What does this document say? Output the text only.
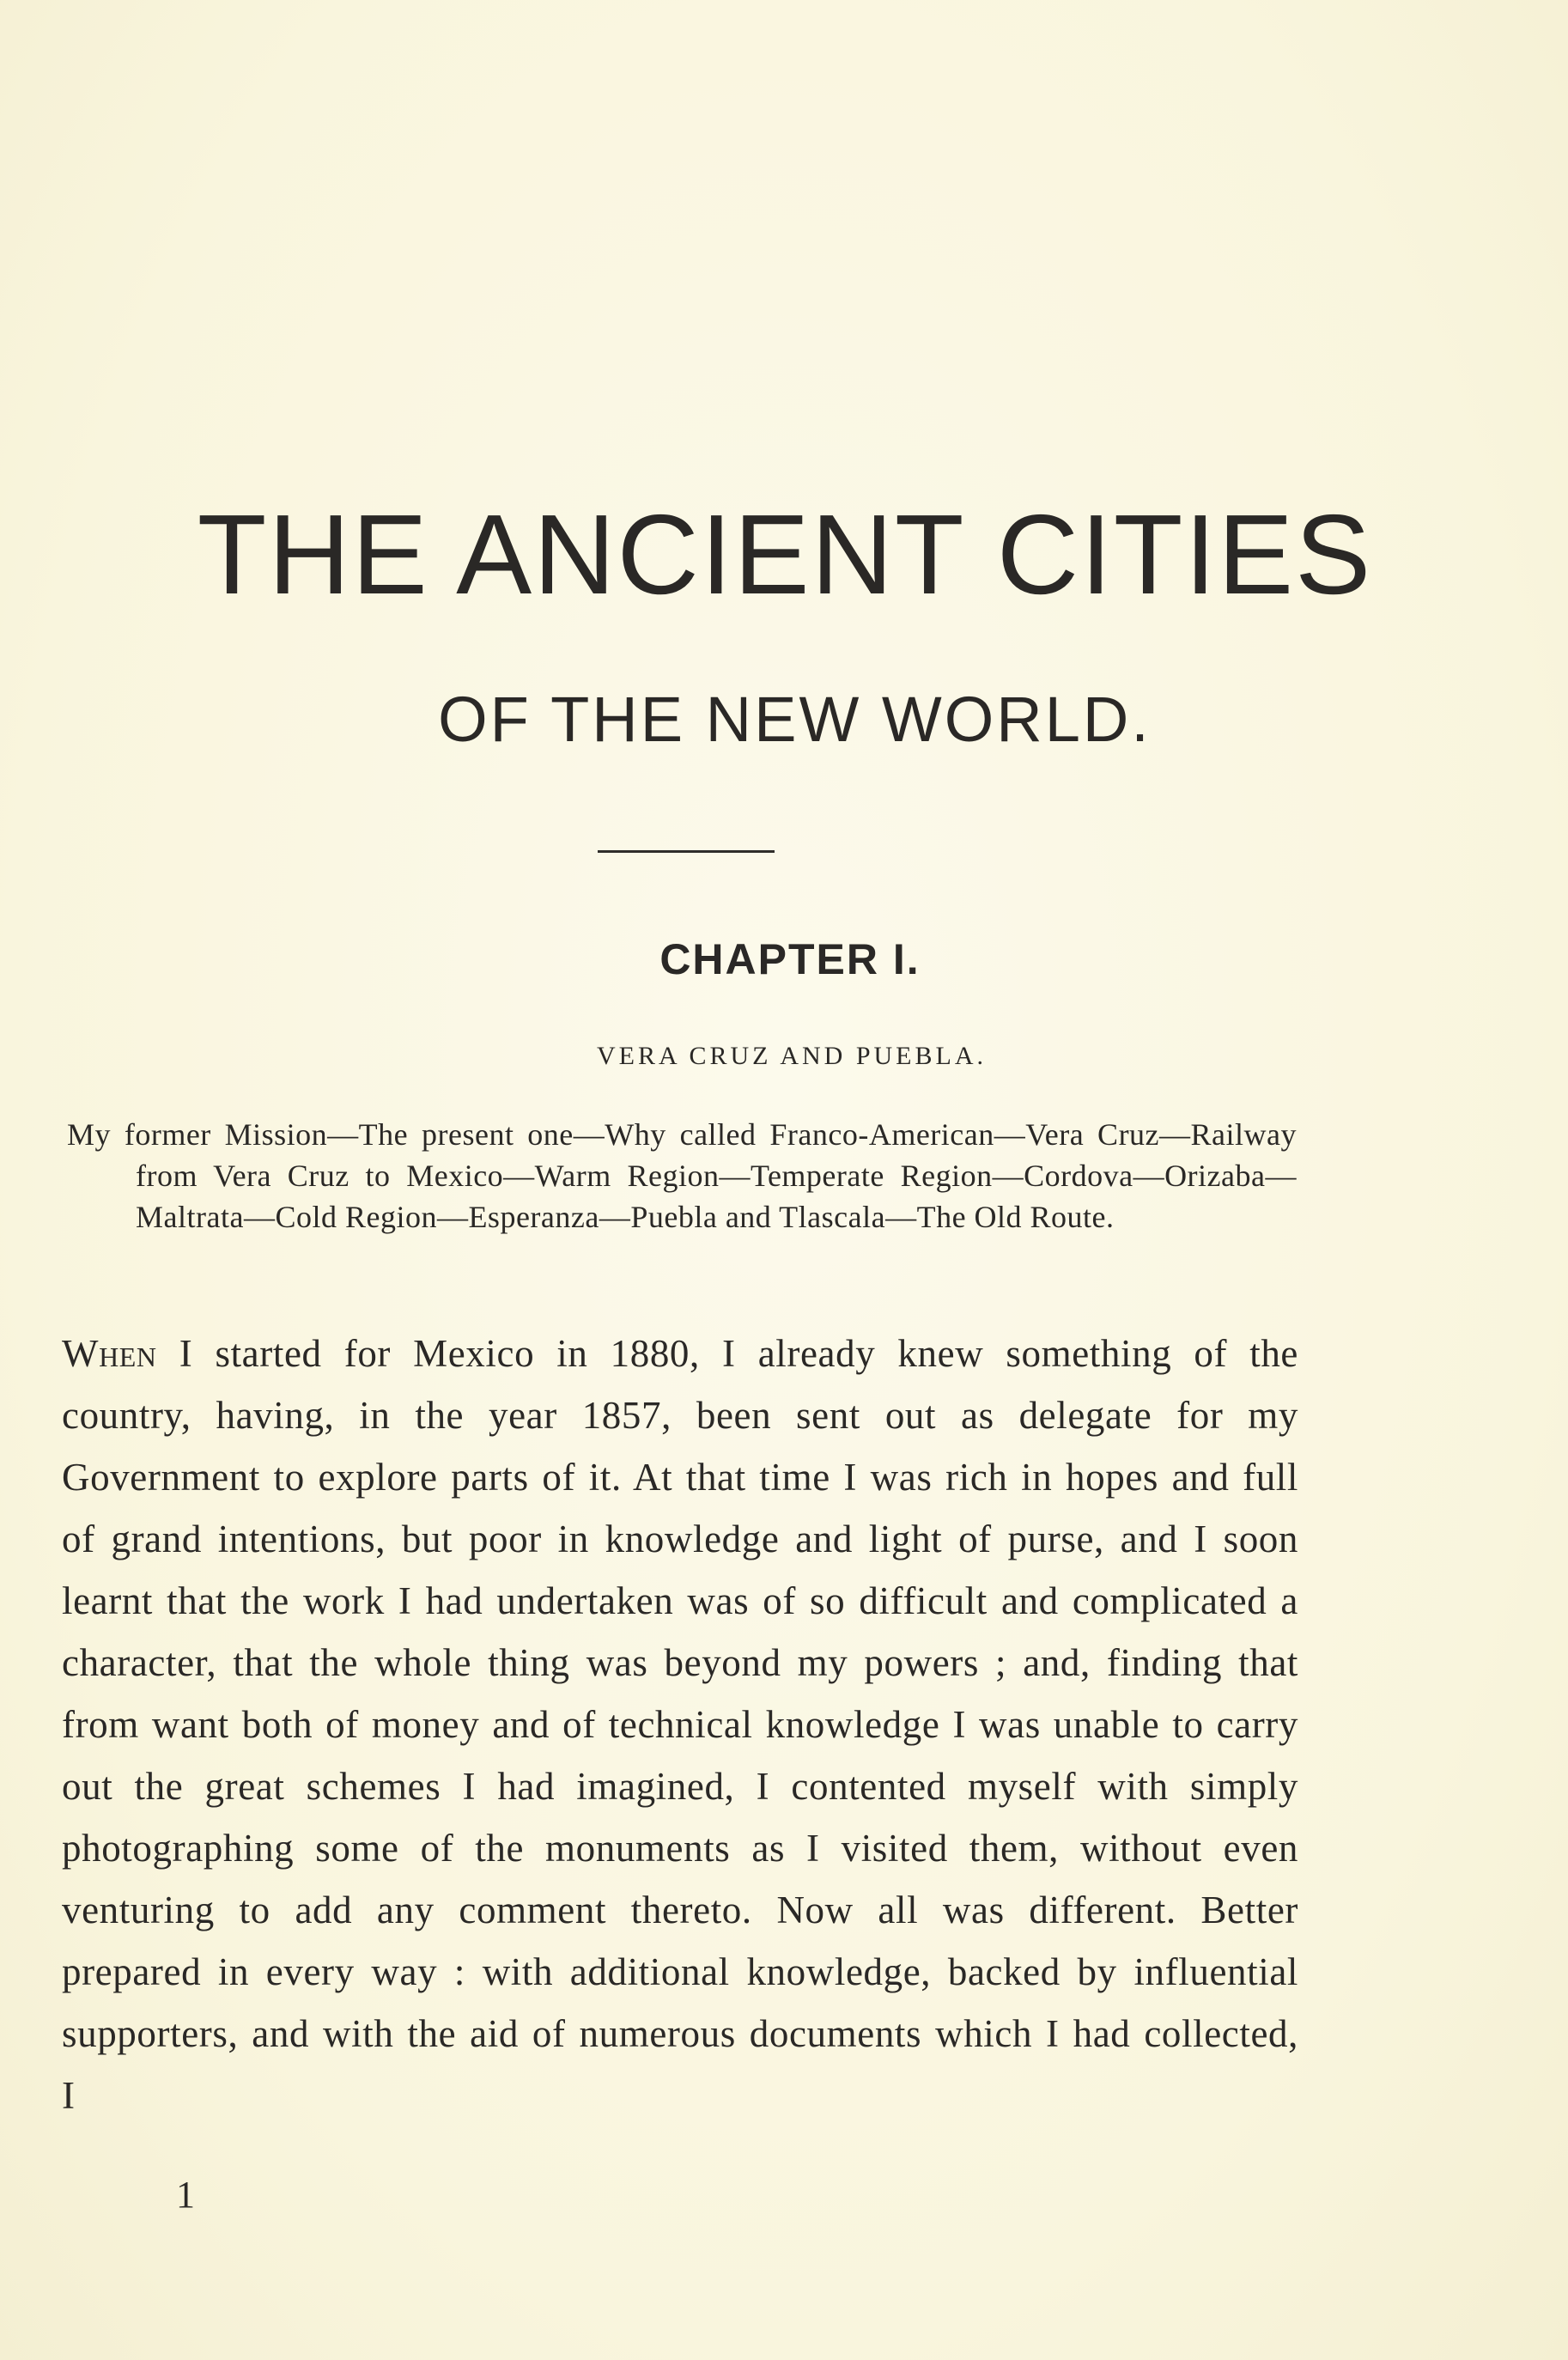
THE ANCIENT CITIES
OF THE NEW WORLD.
CHAPTER I.

VERA CRUZ AND PUEBLA.

My former Mission—The present one—Why called Franco-American—Vera Cruz—Railway from Vera Cruz to Mexico—Warm Region—Temperate Region—Cordova—Orizaba—Maltrata—Cold Region—Esperanza—Puebla and Tlascala—The Old Route.

When I started for Mexico in 1880, I already knew something of the country, having, in the year 1857, been sent out as delegate for my Government to explore parts of it. At that time I was rich in hopes and full of grand intentions, but poor in knowledge and light of purse, and I soon learnt that the work I had undertaken was of so difficult and complicated a character, that the whole thing was beyond my powers ; and, finding that from want both of money and of technical knowledge I was unable to carry out the great schemes I had imagined, I contented myself with simply photographing some of the monuments as I visited them, without even venturing to add any comment thereto. Now all was different. Better prepared in every way : with additional knowledge, backed by influential supporters, and with the aid of numerous documents which I had collected, I

1
